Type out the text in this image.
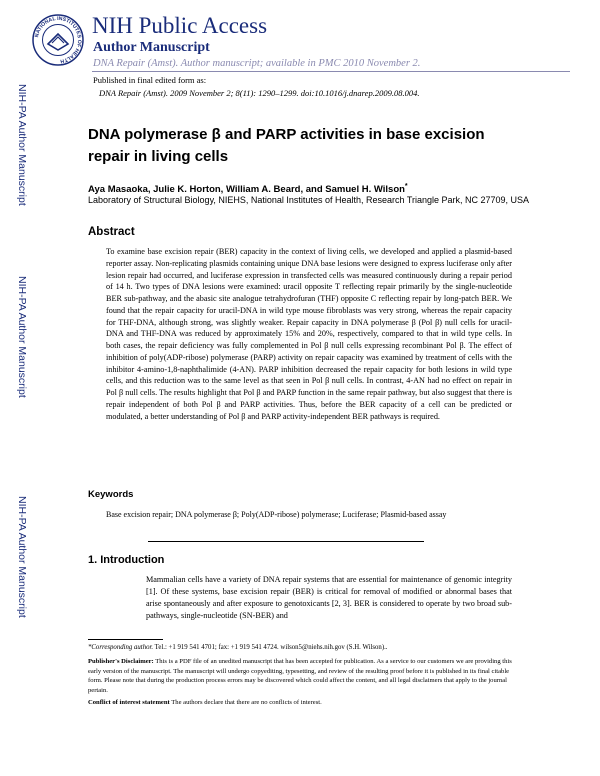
NATIONAL INSTITUTES OF HEALTH
NIH Public Access
Author Manuscript
DNA Repair (Amst). Author manuscript; available in PMC 2010 November 2.
Published in final edited form as:
DNA Repair (Amst). 2009 November 2; 8(11): 1290–1299. doi:10.1016/j.dnarep.2009.08.004.
NIH-PA Author Manuscript
NIH-PA Author Manuscript
NIH-PA Author Manuscript
DNA polymerase β and PARP activities in base excision repair in living cells
Aya Masaoka, Julie K. Horton, William A. Beard, and Samuel H. Wilson*
Laboratory of Structural Biology, NIEHS, National Institutes of Health, Research Triangle Park, NC 27709, USA
Abstract
To examine base excision repair (BER) capacity in the context of living cells, we developed and applied a plasmid-based reporter assay. Non-replicating plasmids containing unique DNA base lesions were designed to express luciferase only after lesion repair had occurred, and luciferase expression in transfected cells was measured continuously during a repair period of 14 h. Two types of DNA lesions were examined: uracil opposite T reflecting repair primarily by the single-nucleotide BER sub-pathway, and the abasic site analogue tetrahydrofuran (THF) opposite C reflecting repair by long-patch BER. We found that the repair capacity for uracil-DNA in wild type mouse fibroblasts was very strong, whereas the repair capacity for THF-DNA, although strong, was slightly weaker. Repair capacity in DNA polymerase β (Pol β) null cells for uracil-DNA and THF-DNA was reduced by approximately 15% and 20%, respectively, compared to that in wild type cells. In both cases, the repair deficiency was fully complemented in Pol β null cells expressing recombinant Pol β. The effect of inhibition of poly(ADP-ribose) polymerase (PARP) activity on repair capacity was examined by treatment of cells with the inhibitor 4-amino-1,8-naphthalimide (4-AN). PARP inhibition decreased the repair capacity for both lesions in wild type cells, and this reduction was to the same level as that seen in Pol β null cells. In contrast, 4-AN had no effect on repair in Pol β null cells. The results highlight that Pol β and PARP function in the same repair pathway, but also suggest that there is repair independent of both Pol β and PARP activities. Thus, before the BER capacity of a cell can be predicted or modulated, a better understanding of Pol β and PARP activity-independent BER pathways is required.
Keywords
Base excision repair; DNA polymerase β; Poly(ADP-ribose) polymerase; Luciferase; Plasmid-based assay
1. Introduction
Mammalian cells have a variety of DNA repair systems that are essential for maintenance of genomic integrity [1]. Of these systems, base excision repair (BER) is critical for removal of modified or abnormal bases that arise spontaneously and after exposure to genotoxicants [2, 3]. BER is considered to operate by two broad sub-pathways, single-nucleotide (SN-BER) and
*Corresponding author. Tel.: +1 919 541 4701; fax: +1 919 541 4724. wilson5@niehs.nih.gov (S.H. Wilson)..
Publisher's Disclaimer: This is a PDF file of an unedited manuscript that has been accepted for publication. As a service to our customers we are providing this early version of the manuscript. The manuscript will undergo copyediting, typesetting, and review of the resulting proof before it is published in its final citable form. Please note that during the production process errors may be discovered which could affect the content, and all legal disclaimers that apply to the journal pertain.
Conflict of interest statement The authors declare that there are no conflicts of interest.
